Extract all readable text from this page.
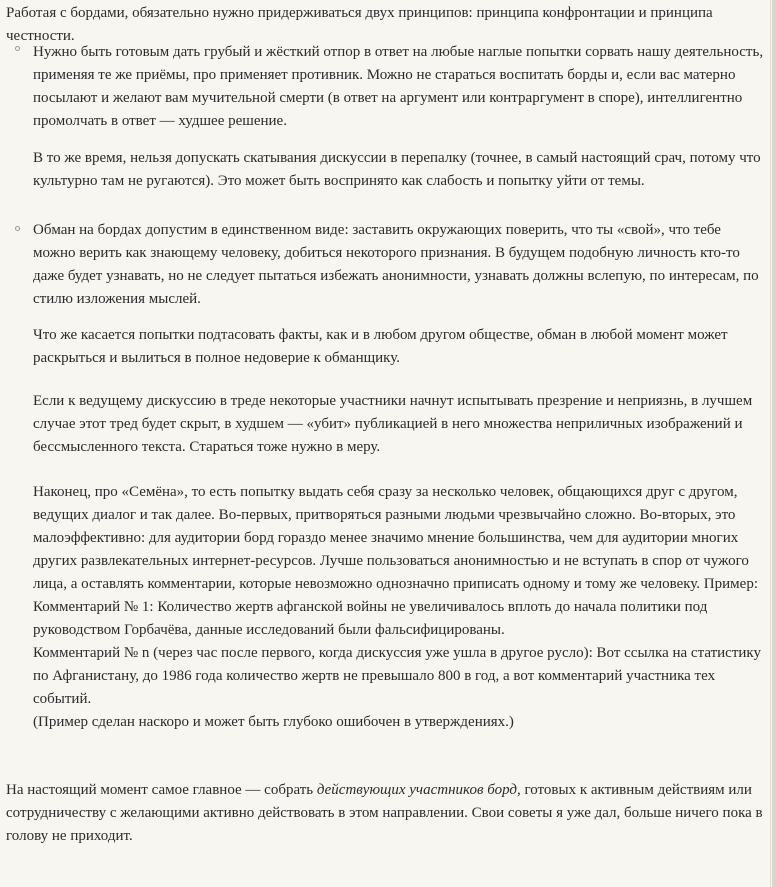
Работая с бордами, обязательно нужно придерживаться двух принципов: принципа конфронтации и принципа честности.

Нужно быть готовым дать грубый и жёсткий отпор в ответ на любые наглые попытки сорвать нашу деятельность, применяя те же приёмы, про применяет противник. Можно не стараться воспитать борды и, если вас матерно посылают и желают вам мучительной смерти (в ответ на аргумент или контраргумент в споре), интеллигентно промолчать в ответ — худшее решение.

В то же время, нельзя допускать скатывания дискуссии в перепалку (точнее, в самый настоящий срач, потому что культурно там не ругаются). Это может быть воспринято как слабость и попытку уйти от темы.

Обман на бордах допустим в единственном виде: заставить окружающих поверить, что ты «свой», что тебе можно верить как знающему человеку, добиться некоторого признания. В будущем подобную личность кто-то даже будет узнавать, но не следует пытаться избежать анонимности, узнавать должны вслепую, по интересам, по стилю изложения мыслей.

Что же касается попытки подтасовать факты, как и в любом другом обществе, обман в любой момент может раскрыться и вылиться в полное недоверие к обманщику.

Если к ведущему дискуссию в треде некоторые участники начнут испытывать презрение и неприязнь, в лучшем случае этот тред будет скрыт, в худшем — «убит» публикацией в него множества неприличных изображений и бессмысленного текста. Стараться тоже нужно в меру.

Наконец, про «Семёна», то есть попытку выдать себя сразу за несколько человек, общающихся друг с другом, ведущих диалог и так далее. Во-первых, притворяться разными людьми чрезвычайно сложно. Во-вторых, это малоэффективно: для аудитории борд гораздо менее значимо мнение большинства, чем для аудитории многих других развлекательных интернет-ресурсов. Лучше пользоваться анонимностью и не вступать в спор от чужого лица, а оставлять комментарии, которые невозможно однозначно приписать одному и тому же человеку. Пример:

Комментарий № 1: Количество жертв афганской войны не увеличивалось вплоть до начала политики под руководством Горбачёва, данные исследований были фальсифицированы.

Комментарий № n (через час после первого, когда дискуссия уже ушла в другое русло): Вот ссылка на статистику по Афганистану, до 1986 года количество жертв не превышало 800 в год, а вот комментарий участника тех событий.

(Пример сделан наскоро и может быть глубоко ошибочен в утверждениях.)

На настоящий момент самое главное — собрать действующих участников борд, готовых к активным действиям или сотрудничеству с желающими активно действовать в этом направлении. Свои советы я уже дал, больше ничего пока в голову не приходит.
